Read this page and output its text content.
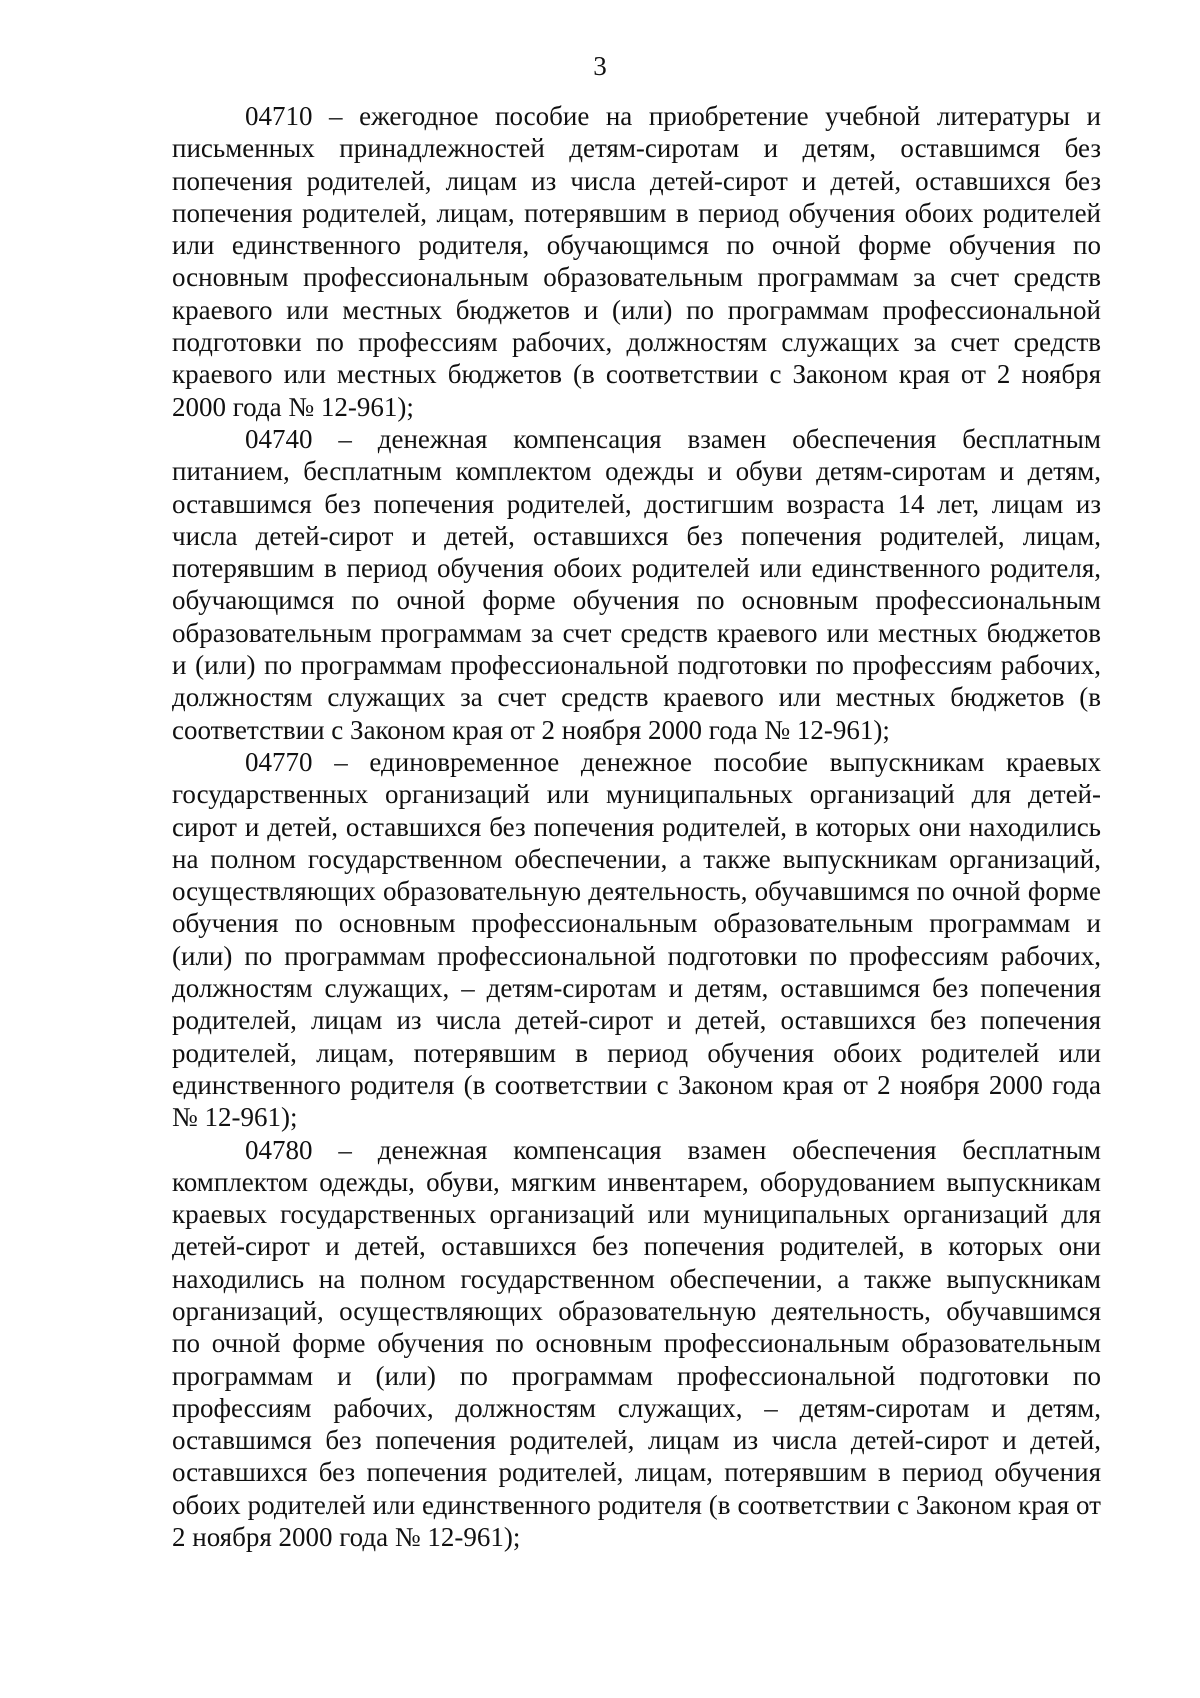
3

04710 – ежегодное пособие на приобретение учебной литературы и письменных принадлежностей детям-сиротам и детям, оставшимся без попечения родителей, лицам из числа детей-сирот и детей, оставшихся без попечения родителей, лицам, потерявшим в период обучения обоих родителей или единственного родителя, обучающимся по очной форме обучения по основным профессиональным образовательным программам за счет средств краевого или местных бюджетов и (или) по программам профессиональной подготовки по профессиям рабочих, должностям служащих за счет средств краевого или местных бюджетов (в соответствии с Законом края от 2 ноября 2000 года № 12-961);

04740 – денежная компенсация взамен обеспечения бесплатным питанием, бесплатным комплектом одежды и обуви детям-сиротам и детям, оставшимся без попечения родителей, достигшим возраста 14 лет, лицам из числа детей-сирот и детей, оставшихся без попечения родителей, лицам, потерявшим в период обучения обоих родителей или единственного родителя, обучающимся по очной форме обучения по основным профессиональным образовательным программам за счет средств краевого или местных бюджетов и (или) по программам профессиональной подготовки по профессиям рабочих, должностям служащих за счет средств краевого или местных бюджетов (в соответствии с Законом края от 2 ноября 2000 года № 12-961);

04770 – единовременное денежное пособие выпускникам краевых государственных организаций или муниципальных организаций для детей-сирот и детей, оставшихся без попечения родителей, в которых они находились на полном государственном обеспечении, а также выпускникам организаций, осуществляющих образовательную деятельность, обучавшимся по очной форме обучения по основным профессиональным образовательным программам и (или) по программам профессиональной подготовки по профессиям рабочих, должностям служащих, – детям-сиротам и детям, оставшимся без попечения родителей, лицам из числа детей-сирот и детей, оставшихся без попечения родителей, лицам, потерявшим в период обучения обоих родителей или единственного родителя (в соответствии с Законом края от 2 ноября 2000 года № 12-961);

04780 – денежная компенсация взамен обеспечения бесплатным комплектом одежды, обуви, мягким инвентарем, оборудованием выпускникам краевых государственных организаций или муниципальных организаций для детей-сирот и детей, оставшихся без попечения родителей, в которых они находились на полном государственном обеспечении, а также выпускникам организаций, осуществляющих образовательную деятельность, обучавшимся по очной форме обучения по основным профессиональным образовательным программам и (или) по программам профессиональной подготовки по профессиям рабочих, должностям служащих, – детям-сиротам и детям, оставшимся без попечения родителей, лицам из числа детей-сирот и детей, оставшихся без попечения родителей, лицам, потерявшим в период обучения обоих родителей или единственного родителя (в соответствии с Законом края от 2 ноября 2000 года № 12-961);
